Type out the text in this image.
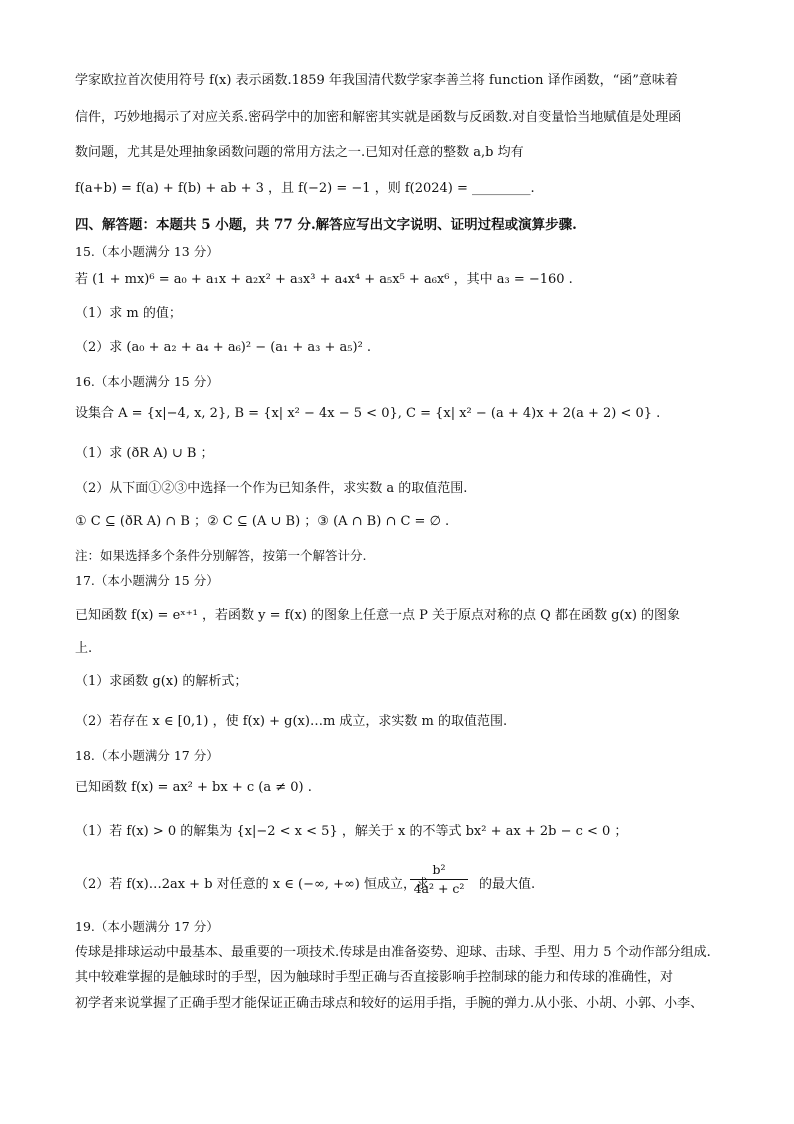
学家欧拉首次使用符号 f(x) 表示函数.1859 年我国清代数学家李善兰将 function 译作函数，“函”意味着
信件，巧妙地揭示了对应关系.密码学中的加密和解密其实就是函数与反函数.对自变量恰当地赋值是处理函
数问题，尤其是处理抽象函数问题的常用方法之一.已知对任意的整数 a,b 均有
f(a+b) = f(a) + f(b) + ab + 3 ，且 f(−2) = −1 ，则 f(2024) = _________.
四、解答题：本题共 5 小题，共 77 分.解答应写出文字说明、证明过程或演算步骤.
15.（本小题满分 13 分）
若 (1 + mx)⁶ = a₀ + a₁x + a₂x² + a₃x³ + a₄x⁴ + a₅x⁵ + a₆x⁶ ，其中 a₃ = −160 .
（1）求 m 的值；
（2）求 (a₀ + a₂ + a₄ + a₆)² − (a₁ + a₃ + a₅)² .
16.（本小题满分 15 分）
设集合 A = {x|−4, x, 2}, B = {x| x² − 4x − 5 < 0}, C = {x| x² − (a + 4)x + 2(a + 2) < 0} .
（1）求 (ðR A) ∪ B ；
（2）从下面①②③中选择一个作为已知条件，求实数 a 的取值范围.
① C ⊆ (ðR A) ∩ B ；② C ⊆ (A ∪ B) ；③ (A ∩ B) ∩ C = ∅ .
注：如果选择多个条件分别解答，按第一个解答计分.
17.（本小题满分 15 分）
已知函数 f(x) = eˣ⁺¹ ，若函数 y = f(x) 的图象上任意一点 P 关于原点对称的点 Q 都在函数 g(x) 的图象
上.
（1）求函数 g(x) 的解析式；
（2）若存在 x ∈ [0,1) ，使 f(x) + g(x)…m 成立，求实数 m 的取值范围.
18.（本小题满分 17 分）
已知函数 f(x) = ax² + bx + c (a ≠ 0) .
（1）若 f(x) > 0 的解集为 {x|−2 < x < 5} ，解关于 x 的不等式 bx² + ax + 2b − c < 0 ；
（2）若 f(x)…2ax + b 对任意的 x ∈ (−∞, +∞) 恒成立，求
b²
4a² + c²	的最大值.
19.（本小题满分 17 分）
传球是排球运动中最基本、最重要的一项技术.传球是由准备姿势、迎球、击球、手型、用力 5 个动作部分组成.
其中较难掌握的是触球时的手型，因为触球时手型正确与否直接影响手控制球的能力和传球的准确性，对
初学者来说掌握了正确手型才能保证正确击球点和较好的运用手指，手腕的弹力.从小张、小胡、小郭、小李、
